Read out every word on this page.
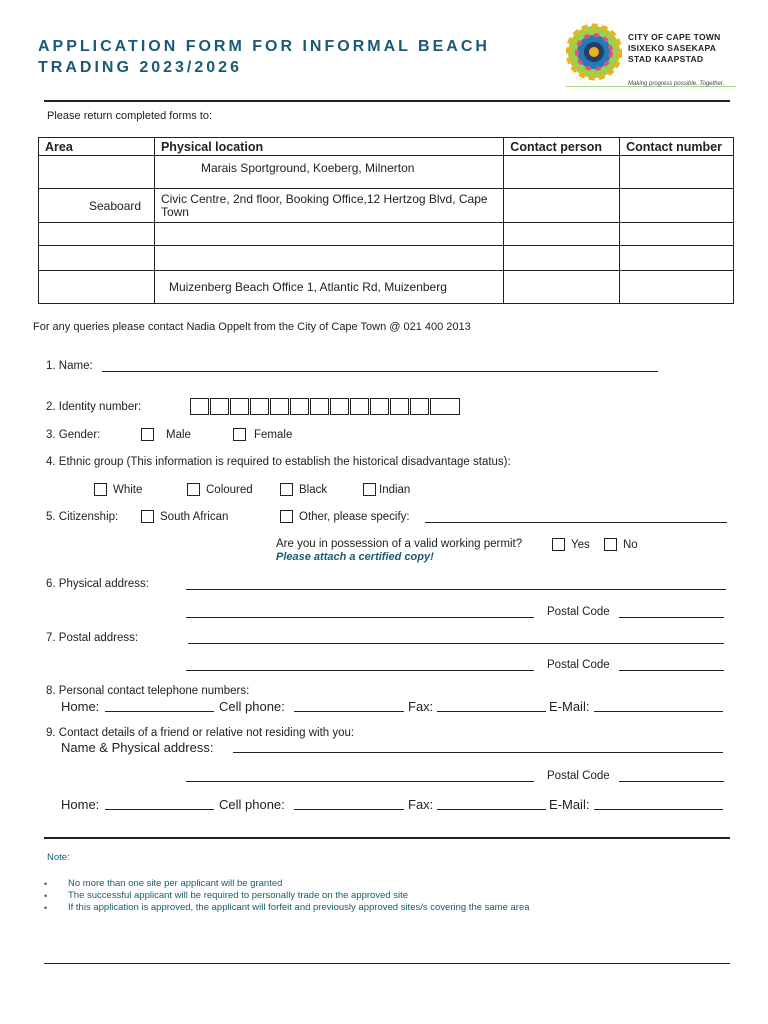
APPLICATION FORM FOR INFORMAL BEACH
TRADING 2023/2026
CITY OF CAPE TOWN
ISIXEKO SASEKAPA
STAD KAAPSTAD
Making progress possible. Together.
Please return completed forms to:
Area	Physical location	Contact person	Contact number
	Marais Sportground, Koeberg, Milnerton		
Seaboard	Civic Centre, 2nd floor, Booking Office,12 Hertzog Blvd, Cape Town		

	Muizenberg Beach Office 1, Atlantic Rd, Muizenberg		
For any queries please contact Nadia Oppelt from the City of Cape Town @ 021 400 2013
1. Name:
2. Identity number:
3. Gender:	Male	Female
4. Ethnic group (This information is required to establish the historical disadvantage status):
White	Coloured	Black	Indian
5. Citizenship:	South African	Other, please specify:
Are you in possession of a valid working permit?	Yes	No
Please attach a certified copy!
6. Physical address:
Postal Code
7. Postal address:
Postal Code
8. Personal contact telephone numbers:
Home:	Cell phone:	Fax:	E-Mail:
9. Contact details of a friend or relative not residing with you:
Name & Physical address:
Postal Code
Home:	Cell phone:	Fax:	E-Mail:
Note:
•	No more than one site per applicant will be granted
•	The successful applicant will be required to personally trade on the approved site
•	If this application is approved, the applicant will forfeit and previously approved sites/s covering the same area
